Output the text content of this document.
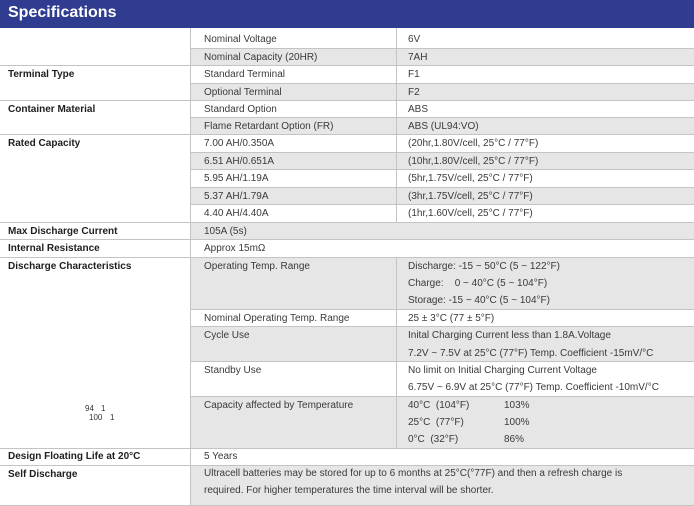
Specifications
Nominal Voltage	6V
Nominal Capacity (20HR)	7AH
Terminal Type	Standard Terminal	F1
Optional Terminal	F2
Container Material	Standard Option	ABS
Flame Retardant Option (FR)	ABS (UL94:VO)
Rated Capacity	7.00 AH/0.350A	(20hr,1.80V/cell, 25°C / 77°F)
6.51 AH/0.651A	(10hr,1.80V/cell, 25°C / 77°F)
5.95 AH/1.19A	(5hr,1.75V/cell, 25°C / 77°F)
5.37 AH/1.79A	(3hr,1.75V/cell, 25°C / 77°F)
4.40 AH/4.40A	(1hr,1.60V/cell, 25°C / 77°F)
Max Discharge Current	105A (5s)
Internal Resistance	Approx 15mΩ
Discharge Characteristics	Operating Temp. Range	Discharge: -15 ~ 50°C (5 ~ 122°F)
Charge:    0 ~ 40°C (5 ~ 104°F)
Storage: -15 ~ 40°C (5 ~ 104°F)
Nominal Operating Temp. Range	25 ± 3°C (77 ± 5°F)
Cycle Use	Inital Charging Current less than 1.8A.Voltage
7.2V ~ 7.5V at 25°C (77°F) Temp. Coefficient -15mV/°C
Standby Use	No limit on Initial Charging Current Voltage
6.75V ~ 6.9V at 25°C (77°F) Temp. Coefficient -10mV/°C
Capacity affected by Temperature	40°C  (104°F)	103%
25°C  (77°F)	100%
0°C  (32°F)	86%
94 1
100 1
Design Floating Life at 20°C	5 Years
Self Discharge	Ultracell batteries may be stored for up to 6 months at 25°C(°77F) and then a refresh charge is required. For higher temperatures the time interval will be shorter.
